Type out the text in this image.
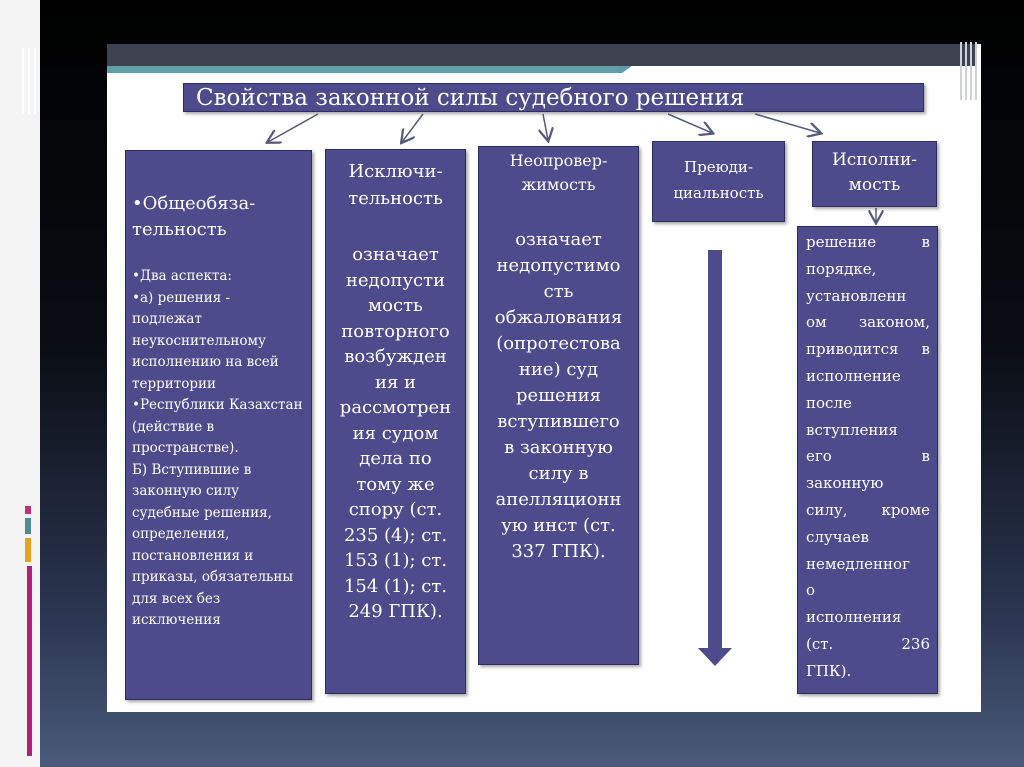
Свойства законной силы судебного решения
•Общеобяза-
тельность
•Два аспекта:
•а) решения - подлежат неукоснительному исполнению на всей территории
•Республики Казахстан (действие в пространстве).
Б) Вступившие в законную силу судебные решения, определения, постановления и приказы, обязательны для всех без исключения
Исключи-
тельность
означает
недопусти
мость
повторного
возбужден
ия и
рассмотрен
ия судом
дела по
тому же
спору (ст.
235 (4); ст.
153 (1); ст.
154 (1); ст.
249 ГПК).
Неопровер-
жимость
означает
недопустимо
сть
обжалования
(опротестова
ние) суд
решения
вступившего
в законную
силу в
апелляционн
ую инст (ст.
337 ГПК).
Преюди-
циальность
Исполни-
мость
решение в
порядке,
установленн
ом законом,
приводится в
исполнение
после
вступления
его в
законную
силу, кроме
случаев
немедленног
о
исполнения
(ст. 236
ГПК).
